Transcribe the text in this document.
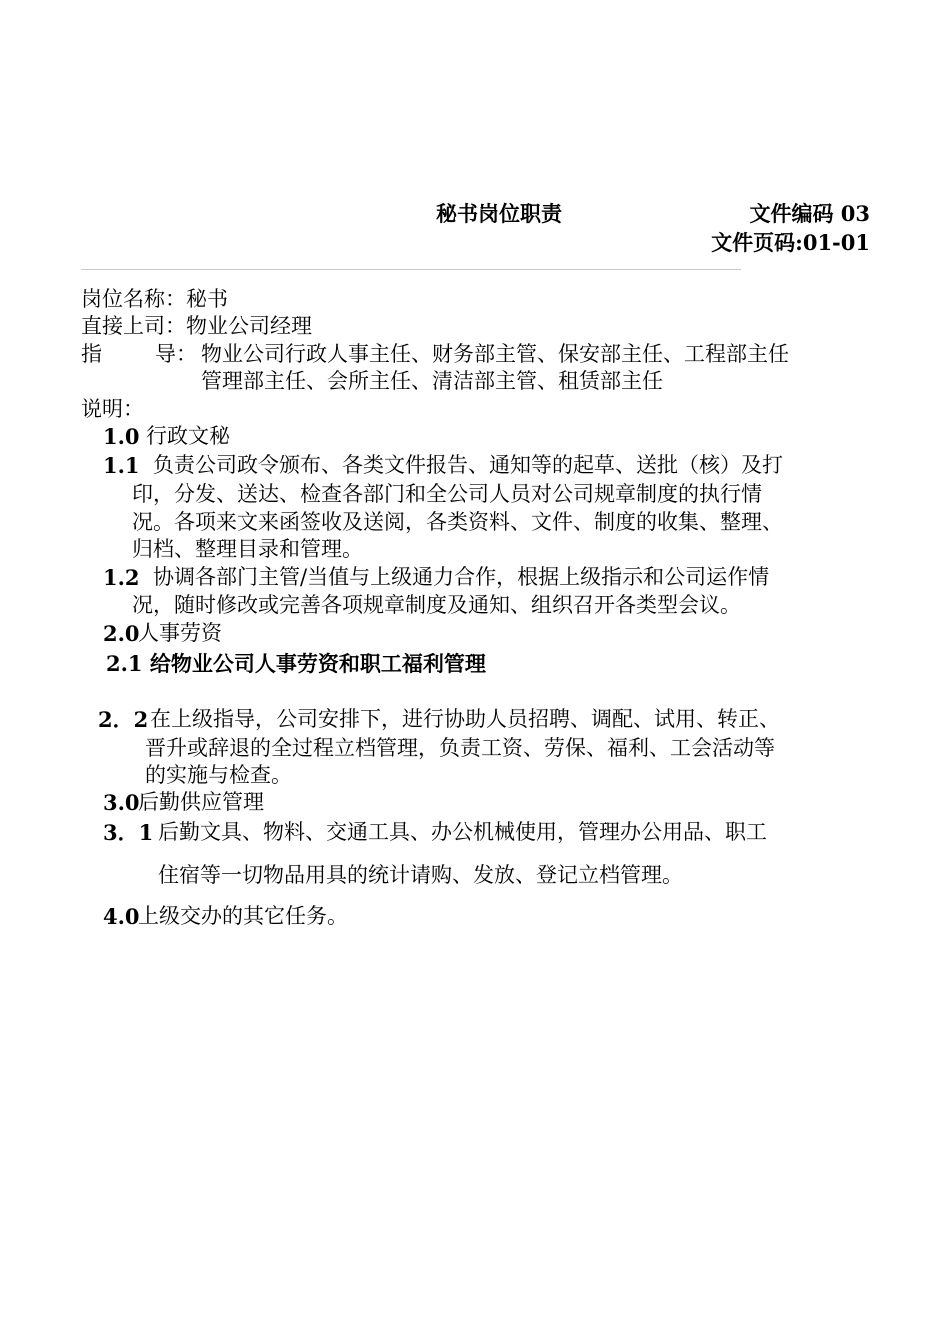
秘书岗位职责	文件编码 03
文件页码:01-01
岗位名称：秘书
直接上司：物业公司经理
指	导： 物业公司行政人事主任、财务部主管、保安部主任、工程部主任
管理部主任、会所主任、清洁部主管、租赁部主任
说明：
1.0 行政文秘
1.1 负责公司政令颁布、各类文件报告、通知等的起草、送批（核）及打
印，分发、送达、检查各部门和全公司人员对公司规章制度的执行情
况。各项来文来函签收及送阅，各类资料、文件、制度的收集、整理、
归档、整理目录和管理。
1.2 协调各部门主管/当值与上级通力合作，根据上级指示和公司运作情
况，随时修改或完善各项规章制度及通知、组织召开各类型会议。
2.0
人事劳资
2.1 给物业公司人事劳资和职工福利管理
2．2 在上级指导，公司安排下，进行协助人员招聘、调配、试用、转正、
晋升或辞退的全过程立档管理，负责工资、劳保、福利、工会活动等
的实施与检查。
3.0
后勤供应管理
3．1 后勤文具、物料、交通工具、办公机械使用，管理办公用品、职工
住宿等一切物品用具的统计请购、发放、登记立档管理。
4.0
上级交办的其它任务。
